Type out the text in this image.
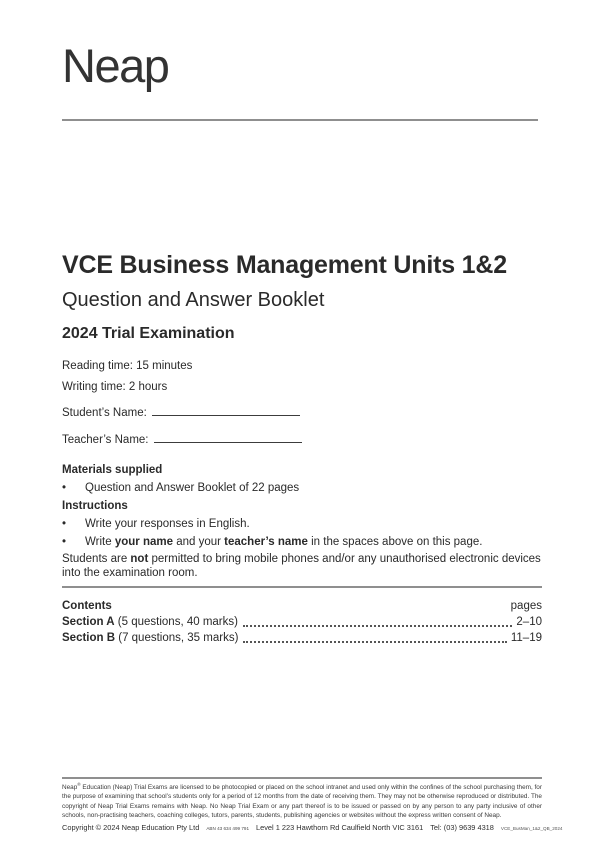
Neap
VCE Business Management Units 1&2
Question and Answer Booklet
2024 Trial Examination
Reading time: 15 minutes
Writing time: 2 hours
Student’s Name:
Teacher’s Name:
Materials supplied
•	Question and Answer Booklet of 22 pages
Instructions
•	Write your responses in English.
•	Write your name and your teacher’s name in the spaces above on this page.
Students are not permitted to bring mobile phones and/or any unauthorised electronic devices into the examination room.
Contents	pages
Section A (5 questions, 40 marks)	2–10
Section B (7 questions, 35 marks)	11–19
Neap® Education (Neap) Trial Exams are licensed to be photocopied or placed on the school intranet and used only within the confines of the school purchasing them, for the purpose of examining that school’s students only for a period of 12 months from the date of receiving them. They may not be otherwise reproduced or distributed. The copyright of Neap Trial Exams remains with Neap. No Neap Trial Exam or any part thereof is to be issued or passed on by any person to any party inclusive of other schools, non-practising teachers, coaching colleges, tutors, parents, students, publishing agencies or websites without the express written consent of Neap.
Copyright © 2024 Neap Education Pty Ltd ABN 43 634 499 791 Level 1 223 Hawthorn Rd Caulfield North VIC 3161 Tel: (03) 9639 4318 VCE_BusMan_1&2_QB_2024
